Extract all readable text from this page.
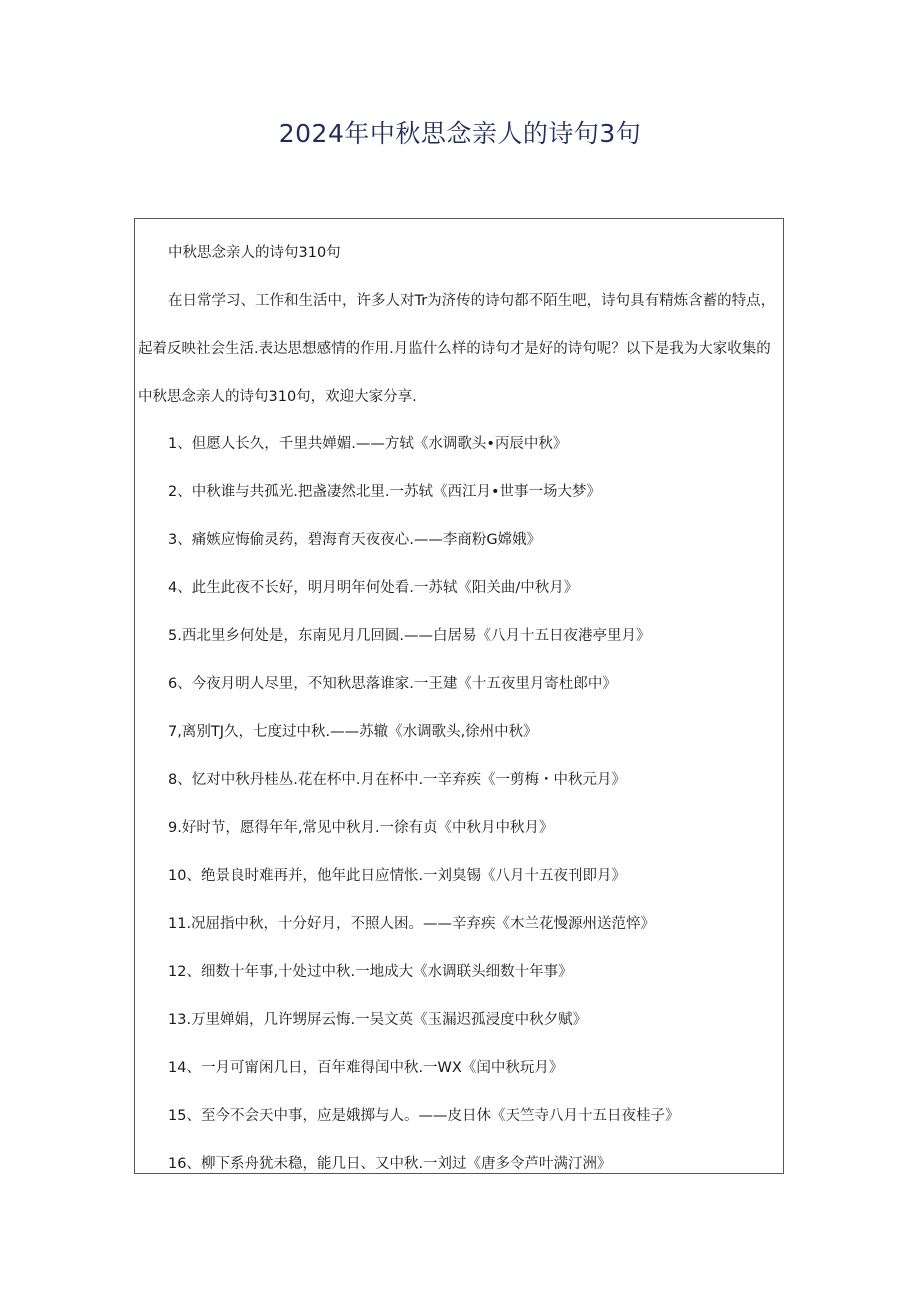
2024年中秋思念亲人的诗句3句
中秋思念亲人的诗句310句
在日常学习、工作和生活中，许多人对Tr为济传的诗句都不陌生吧，诗句具有精炼含蓄的特点，
起着反映社会生活.表达思想感情的作用.月监什么样的诗句才是好的诗句呢？以下是我为大家收集的
中秋思念亲人的诗句310句，欢迎大家分享.
1、但愿人长久，千里共婵媚.——方轼《水调歌头•丙辰中秋》
2、中秋谁与共孤光.把盏凄然北里.一苏轼《西江月•世事一场大梦》
3、痛嫉应悔偷灵药，碧海育天夜夜心.——李商粉G嫦娥》
4、此生此夜不长好，明月明年何处看.一苏轼《阳关曲/中秋月》
5.西北里乡何处是，东南见月几回圆.——白居易《八月十五日夜港亭里月》
6、今夜月明人尽里，不知秋思落谁家.一王建《十五夜里月寄杜郎中》
7,离别TJ久，七度过中秋.——苏辙《水调歌头,徐州中秋》
8、忆对中秋丹桂丛.花在杯中.月在杯中.一辛弃疾《一剪梅・中秋元月》
9.好时节，愿得年年,常见中秋月.一徐有贞《中秋月中秋月》
10、绝景良时难再并，他年此日应情怅.一刘臭锡《八月十五夜刊即月》
11.况屈指中秋，十分好月，不照人困。——辛弃疾《木兰花慢源州送范悴》
12、细数十年事,十处过中秋.一地成大《水调联头细数十年事》
13.万里婵娟，几许甥屏云悔.一吴文英《玉漏迟孤浸度中秋夕赋》
14、一月可甯闲几日，百年难得闰中秋.一WX《闰中秋玩月》
15、至今不会天中事，应是娥掷与人。——皮日休《天竺寺八月十五日夜桂子》
16、柳下系舟犹未稳，能几日、又中秋.一刘过《唐多令芦叶满汀洲》
